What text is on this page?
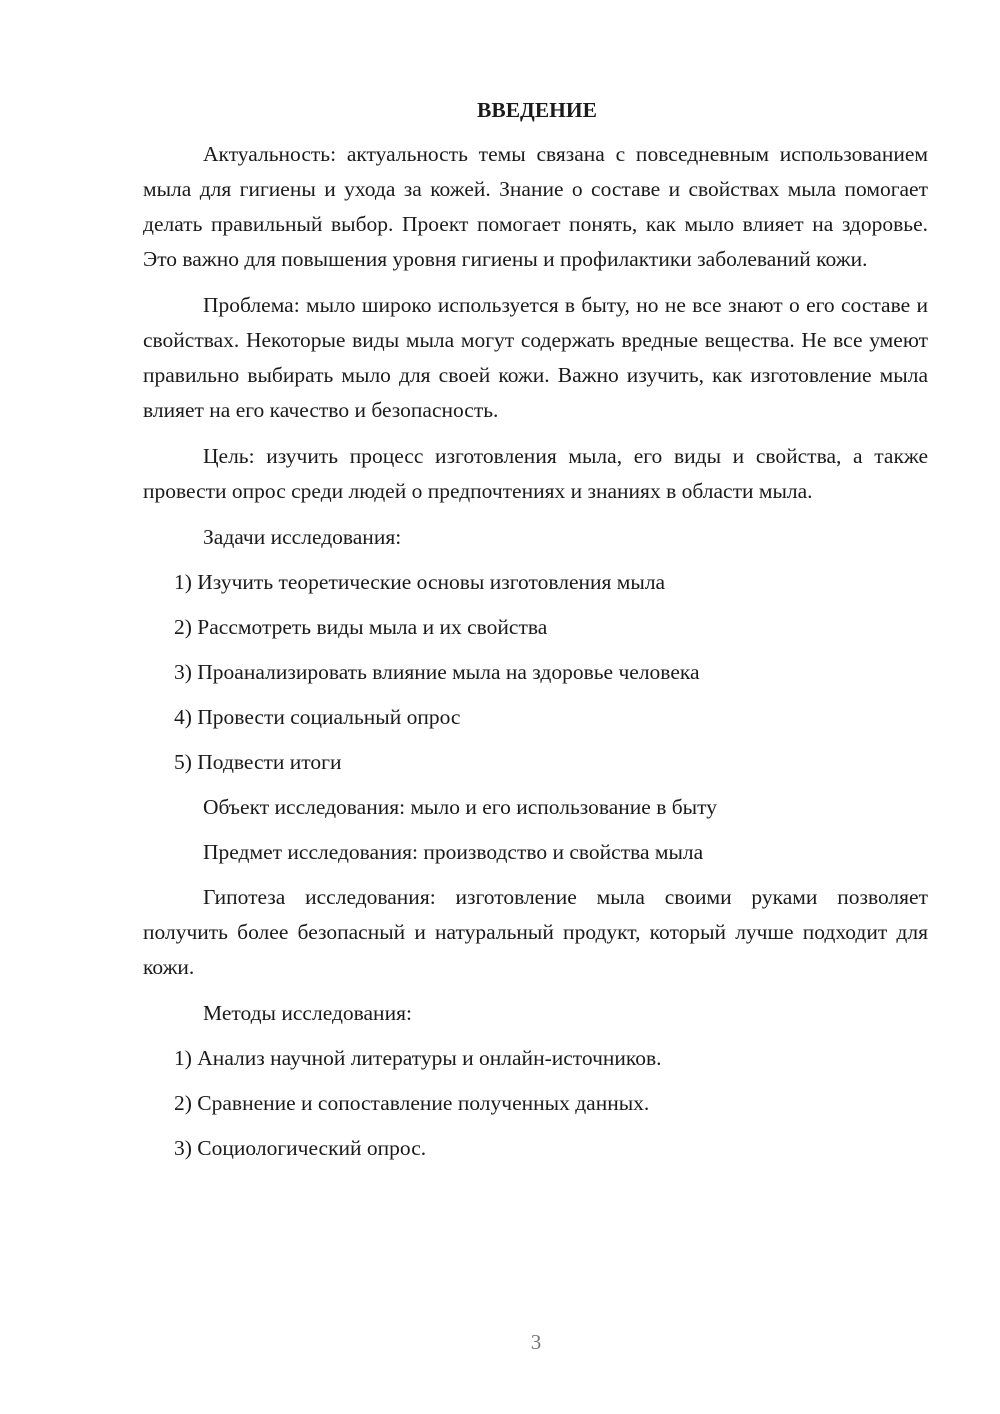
ВВЕДЕНИЕ

Актуальность: актуальность темы связана с повседневным использованием мыла для гигиены и ухода за кожей. Знание о составе и свойствах мыла помогает делать правильный выбор. Проект помогает понять, как мыло влияет на здоровье. Это важно для повышения уровня гигиены и профилактики заболеваний кожи.

Проблема: мыло широко используется в быту, но не все знают о его составе и свойствах. Некоторые виды мыла могут содержать вредные вещества. Не все умеют правильно выбирать мыло для своей кожи. Важно изучить, как изготовление мыла влияет на его качество и безопасность.

Цель: изучить процесс изготовления мыла, его виды и свойства, а также провести опрос среди людей о предпочтениях и знаниях в области мыла.

Задачи исследования:
1) Изучить теоретические основы изготовления мыла
2) Рассмотреть виды мыла и их свойства
3) Проанализировать влияние мыла на здоровье человека
4) Провести социальный опрос
5) Подвести итоги
Объект исследования: мыло и его использование в быту
Предмет исследования: производство и свойства мыла

Гипотеза исследования: изготовление мыла своими руками позволяет получить более безопасный и натуральный продукт, который лучше подходит для кожи.

Методы исследования:
1) Анализ научной литературы и онлайн-источников.
2) Сравнение и сопоставление полученных данных.
3) Социологический опрос.
3
